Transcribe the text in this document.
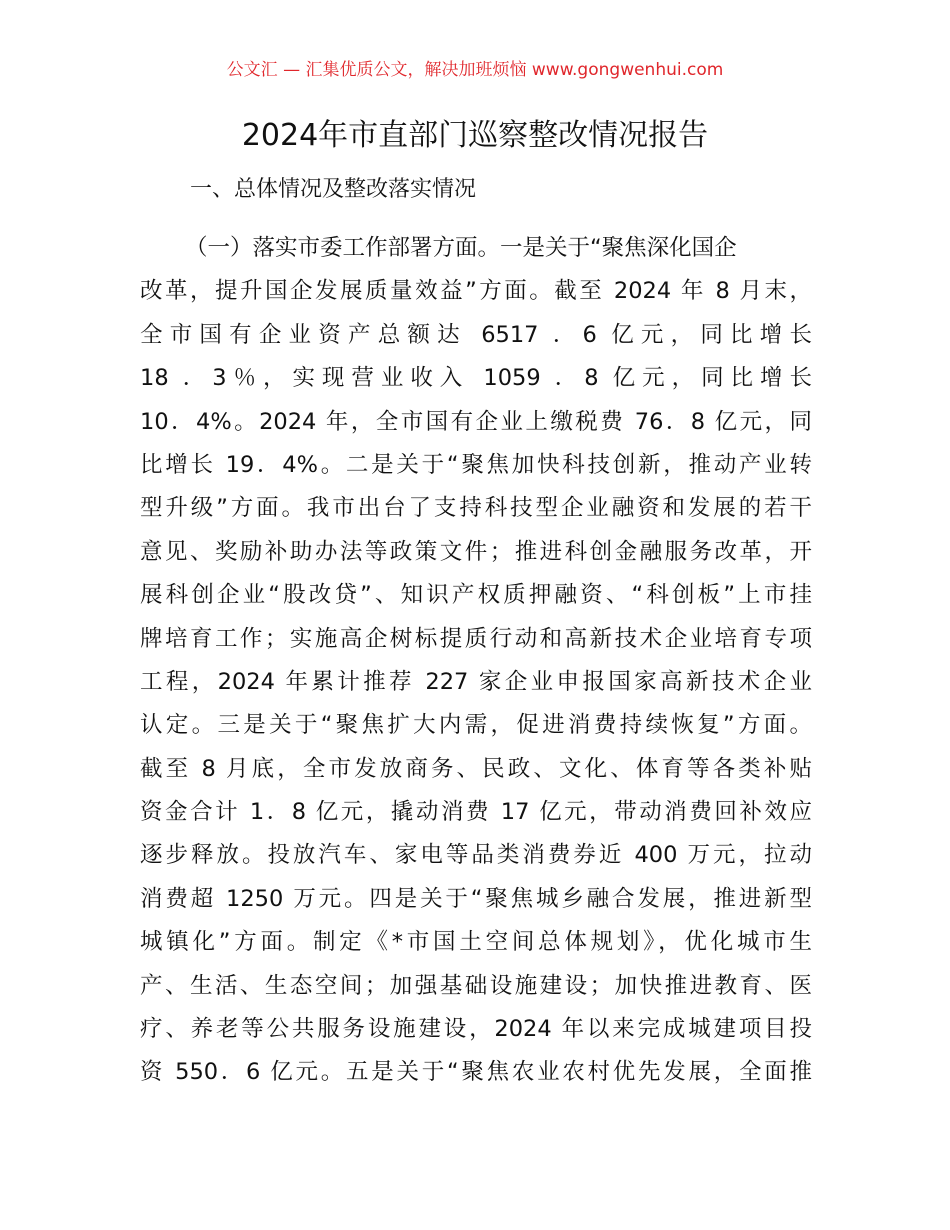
公文汇 — 汇集优质公文，解决加班烦恼 www.gongwenhui.com
2024年市直部门巡察整改情况报告
一、总体情况及整改落实情况
（一）落实市委工作部署方面。一是关于“聚焦深化国企
改革，提升国企发展质量效益”方面。截至 2024 年 8 月末，
全市国有企业资产总额达 6517 ．6 亿元，同比增长
18 ．3％，实现营业收入 1059 ．8 亿元，同比增长
10．4%。2024 年，全市国有企业上缴税费 76．8 亿元，同
比增长 19．4%。二是关于“聚焦加快科技创新，推动产业转
型升级”方面。我市出台了支持科技型企业融资和发展的若干
意见、奖励补助办法等政策文件；推进科创金融服务改革，开
展科创企业“股改贷”、知识产权质押融资、“科创板”上市挂
牌培育工作；实施高企树标提质行动和高新技术企业培育专项
工程，2024 年累计推荐 227 家企业申报国家高新技术企业
认定。三是关于“聚焦扩大内需，促进消费持续恢复”方面。
截至 8 月底，全市发放商务、民政、文化、体育等各类补贴
资金合计 1．8 亿元，撬动消费 17 亿元，带动消费回补效应
逐步释放。投放汽车、家电等品类消费券近 400 万元，拉动
消费超 1250 万元。四是关于“聚焦城乡融合发展，推进新型
城镇化”方面。制定《*市国土空间总体规划》，优化城市生
产、生活、生态空间；加强基础设施建设；加快推进教育、医
疗、养老等公共服务设施建设，2024 年以来完成城建项目投
资 550．6 亿元。五是关于“聚焦农业农村优先发展，全面推
